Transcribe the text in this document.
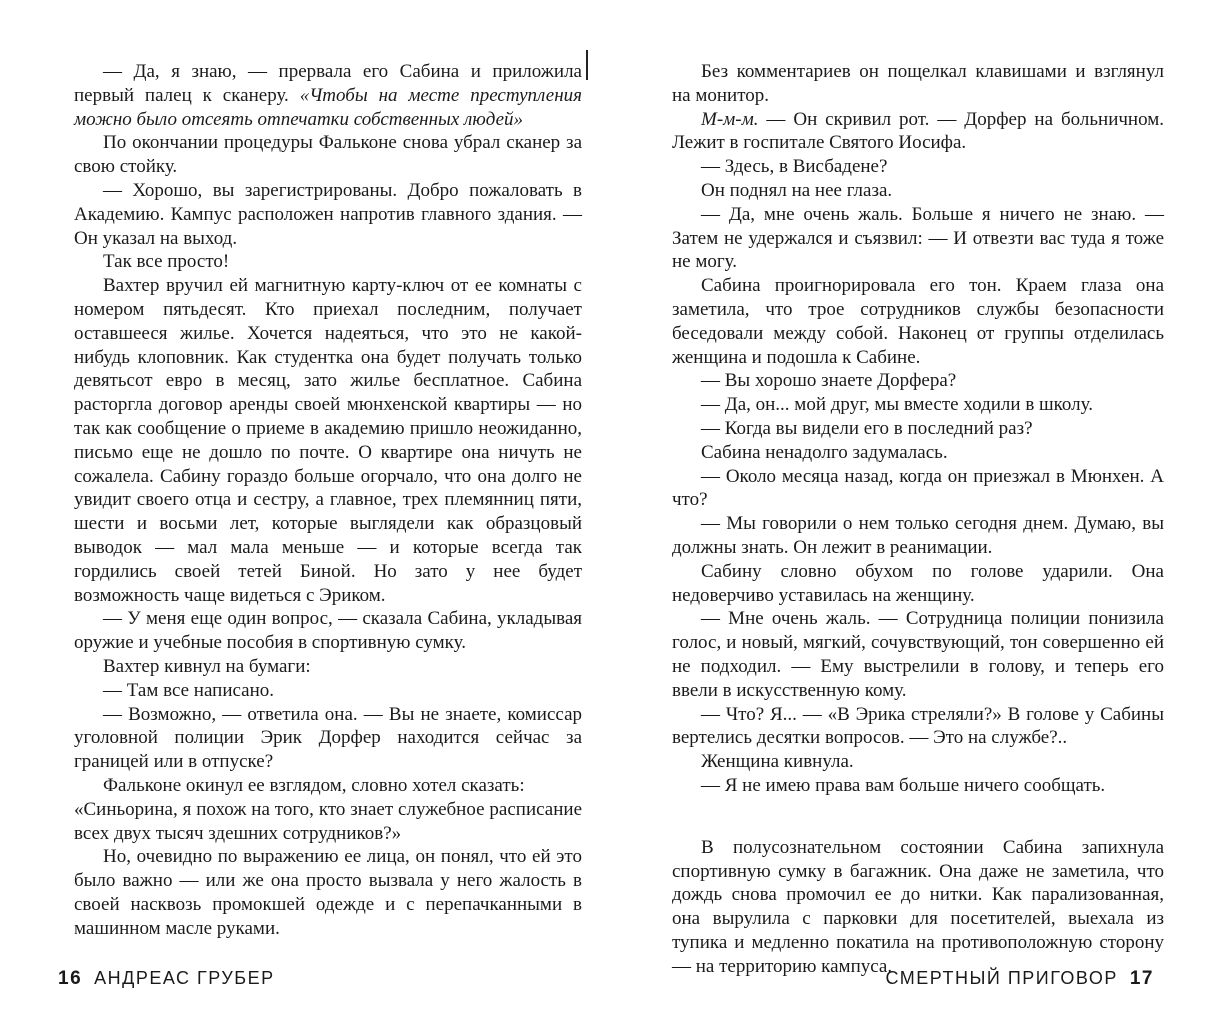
— Да, я знаю, — прервала его Сабина и приложила первый палец к сканеру. «Чтобы на месте преступления можно было отсеять отпечатки собственных людей»

По окончании процедуры Фальконе снова убрал сканер за свою стойку.

— Хорошо, вы зарегистрированы. Добро пожаловать в Академию. Кампус расположен напротив главного здания. — Он указал на выход.

Так все просто!

Вахтер вручил ей магнитную карту-ключ от ее комнаты с номером пятьдесят. Кто приехал последним, получает оставшееся жилье. Хочется надеяться, что это не какой-нибудь клоповник. Как студентка она будет получать только девятьсот евро в месяц, зато жилье бесплатное. Сабина расторгла договор аренды своей мюнхенской квартиры — но так как сообщение о приеме в академию пришло неожиданно, письмо еще не дошло по почте. О квартире она ничуть не сожалела. Сабину гораздо больше огорчало, что она долго не увидит своего отца и сестру, а главное, трех племянниц пяти, шести и восьми лет, которые выглядели как образцовый выводок — мал мала меньше — и которые всегда так гордились своей тетей Биной. Но зато у нее будет возможность чаще видеться с Эриком.

— У меня еще один вопрос, — сказала Сабина, укладывая оружие и учебные пособия в спортивную сумку.

Вахтер кивнул на бумаги:

— Там все написано.

— Возможно, — ответила она. — Вы не знаете, комиссар уголовной полиции Эрик Дорфер находится сейчас за границей или в отпуске?

Фальконе окинул ее взглядом, словно хотел сказать:

«Синьорина, я похож на того, кто знает служебное расписание всех двух тысяч здешних сотрудников?»

Но, очевидно по выражению ее лица, он понял, что ей это было важно — или же она просто вызвала у него жалость в своей насквозь промокшей одежде и с перепачканными в машинном масле руками.

16 АНДРЕАС ГРУБЕР

Без комментариев он пощелкал клавишами и взглянул на монитор.

М-м-м. — Он скривил рот. — Дорфер на больничном. Лежит в госпитале Святого Иосифа.

— Здесь, в Висбадене?

Он поднял на нее глаза.

— Да, мне очень жаль. Больше я ничего не знаю. — Затем не удержался и съязвил: — И отвезти вас туда я тоже не могу.

Сабина проигнорировала его тон. Краем глаза она заметила, что трое сотрудников службы безопасности беседовали между собой. Наконец от группы отделилась женщина и подошла к Сабине.

— Вы хорошо знаете Дорфера?

— Да, он... мой друг, мы вместе ходили в школу.

— Когда вы видели его в последний раз?

Сабина ненадолго задумалась.

— Около месяца назад, когда он приезжал в Мюнхен. А что?

— Мы говорили о нем только сегодня днем. Думаю, вы должны знать. Он лежит в реанимации.

Сабину словно обухом по голове ударили. Она недоверчиво уставилась на женщину.

— Мне очень жаль. — Сотрудница полиции понизила голос, и новый, мягкий, сочувствующий, тон совершенно ей не подходил. — Ему выстрелили в голову, и теперь его ввели в искусственную кому.

— Что? Я... — «В Эрика стреляли?» В голове у Сабины вертелись десятки вопросов. — Это на службе?..

Женщина кивнула.

— Я не имею права вам больше ничего сообщать.

В полусознательном состоянии Сабина запихнула спортивную сумку в багажник. Она даже не заметила, что дождь снова промочил ее до нитки. Как парализованная, она вырулила с парковки для посетителей, выехала из тупика и медленно покатила на противоположную сторону — на территорию кампуса.

СМЕРТНЫЙ ПРИГОВОР 17
